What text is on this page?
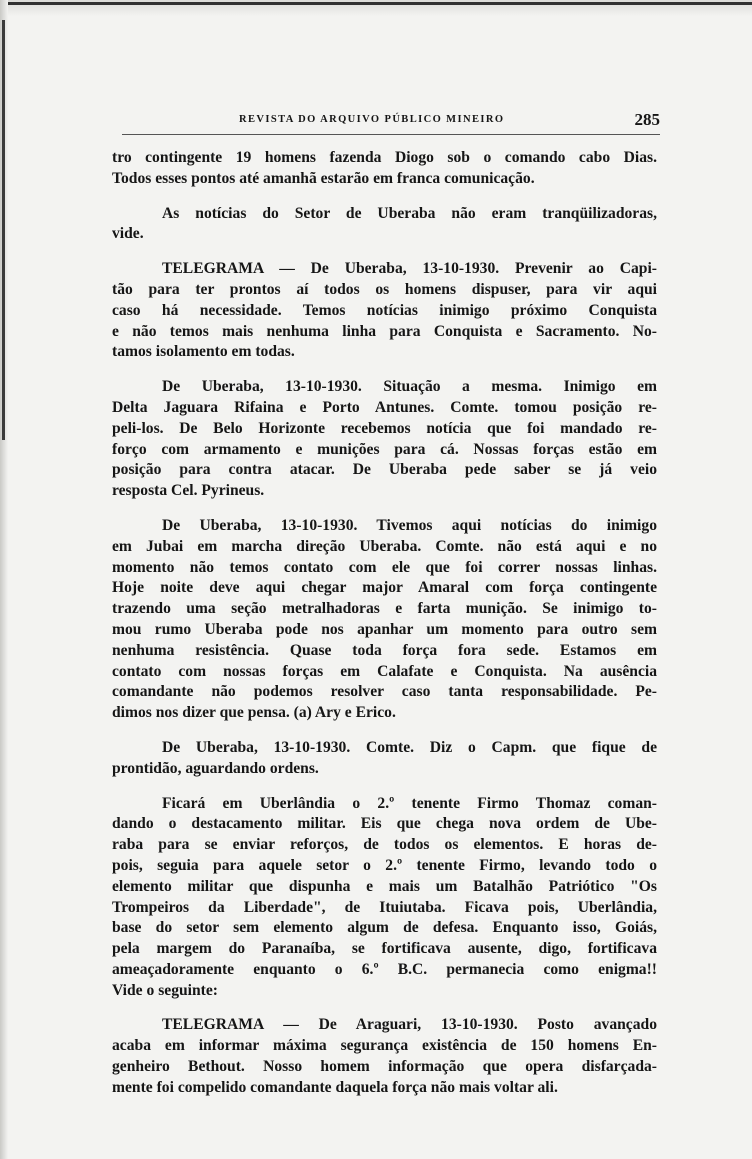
REVISTA DO ARQUIVO PÚBLICO MINEIRO	285

tro contingente 19 homens fazenda Diogo sob o comando cabo Dias.
Todos esses pontos até amanhã estarão em franca comunicação.

As notícias do Setor de Uberaba não eram tranqüilizadoras,
vide.

TELEGRAMA — De Uberaba, 13-10-1930. Prevenir ao Capi-
tão para ter prontos aí todos os homens dispuser, para vir aqui
caso há necessidade. Temos notícias inimigo próximo Conquista
e não temos mais nenhuma linha para Conquista e Sacramento. No-
tamos isolamento em todas.

De Uberaba, 13-10-1930. Situação a mesma. Inimigo em
Delta Jaguara Rifaina e Porto Antunes. Comte. tomou posição re-
peli-los. De Belo Horizonte recebemos notícia que foi mandado re-
forço com armamento e munições para cá. Nossas forças estão em
posição para contra atacar. De Uberaba pede saber se já veio
resposta Cel. Pyrineus.

De Uberaba, 13-10-1930. Tivemos aqui notícias do inimigo
em Jubai em marcha direção Uberaba. Comte. não está aqui e no
momento não temos contato com ele que foi correr nossas linhas.
Hoje noite deve aqui chegar major Amaral com força contingente
trazendo uma seção metralhadoras e farta munição. Se inimigo to-
mou rumo Uberaba pode nos apanhar um momento para outro sem
nenhuma resistência. Quase toda força fora sede. Estamos em
contato com nossas forças em Calafate e Conquista. Na ausência
comandante não podemos resolver caso tanta responsabilidade. Pe-
dimos nos dizer que pensa. (a) Ary e Erico.

De Uberaba, 13-10-1930. Comte. Diz o Capm. que fique de
prontidão, aguardando ordens.

Ficará em Uberlândia o 2.º tenente Firmo Thomaz coman-
dando o destacamento militar. Eis que chega nova ordem de Ube-
raba para se enviar reforços, de todos os elementos. E horas de-
pois, seguia para aquele setor o 2.º tenente Firmo, levando todo o
elemento militar que dispunha e mais um Batalhão Patriótico "Os
Trompeiros da Liberdade", de Ituiutaba. Ficava pois, Uberlândia,
base do setor sem elemento algum de defesa. Enquanto isso, Goiás,
pela margem do Paranaíba, se fortificava ausente, digo, fortificava
ameaçadoramente enquanto o 6.º B.C. permanecia como enigma!!
Vide o seguinte:

TELEGRAMA — De Araguari, 13-10-1930. Posto avançado
acaba em informar máxima segurança existência de 150 homens En-
genheiro Bethout. Nosso homem informação que opera disfarçada-
mente foi compelido comandante daquela força não mais voltar ali.
